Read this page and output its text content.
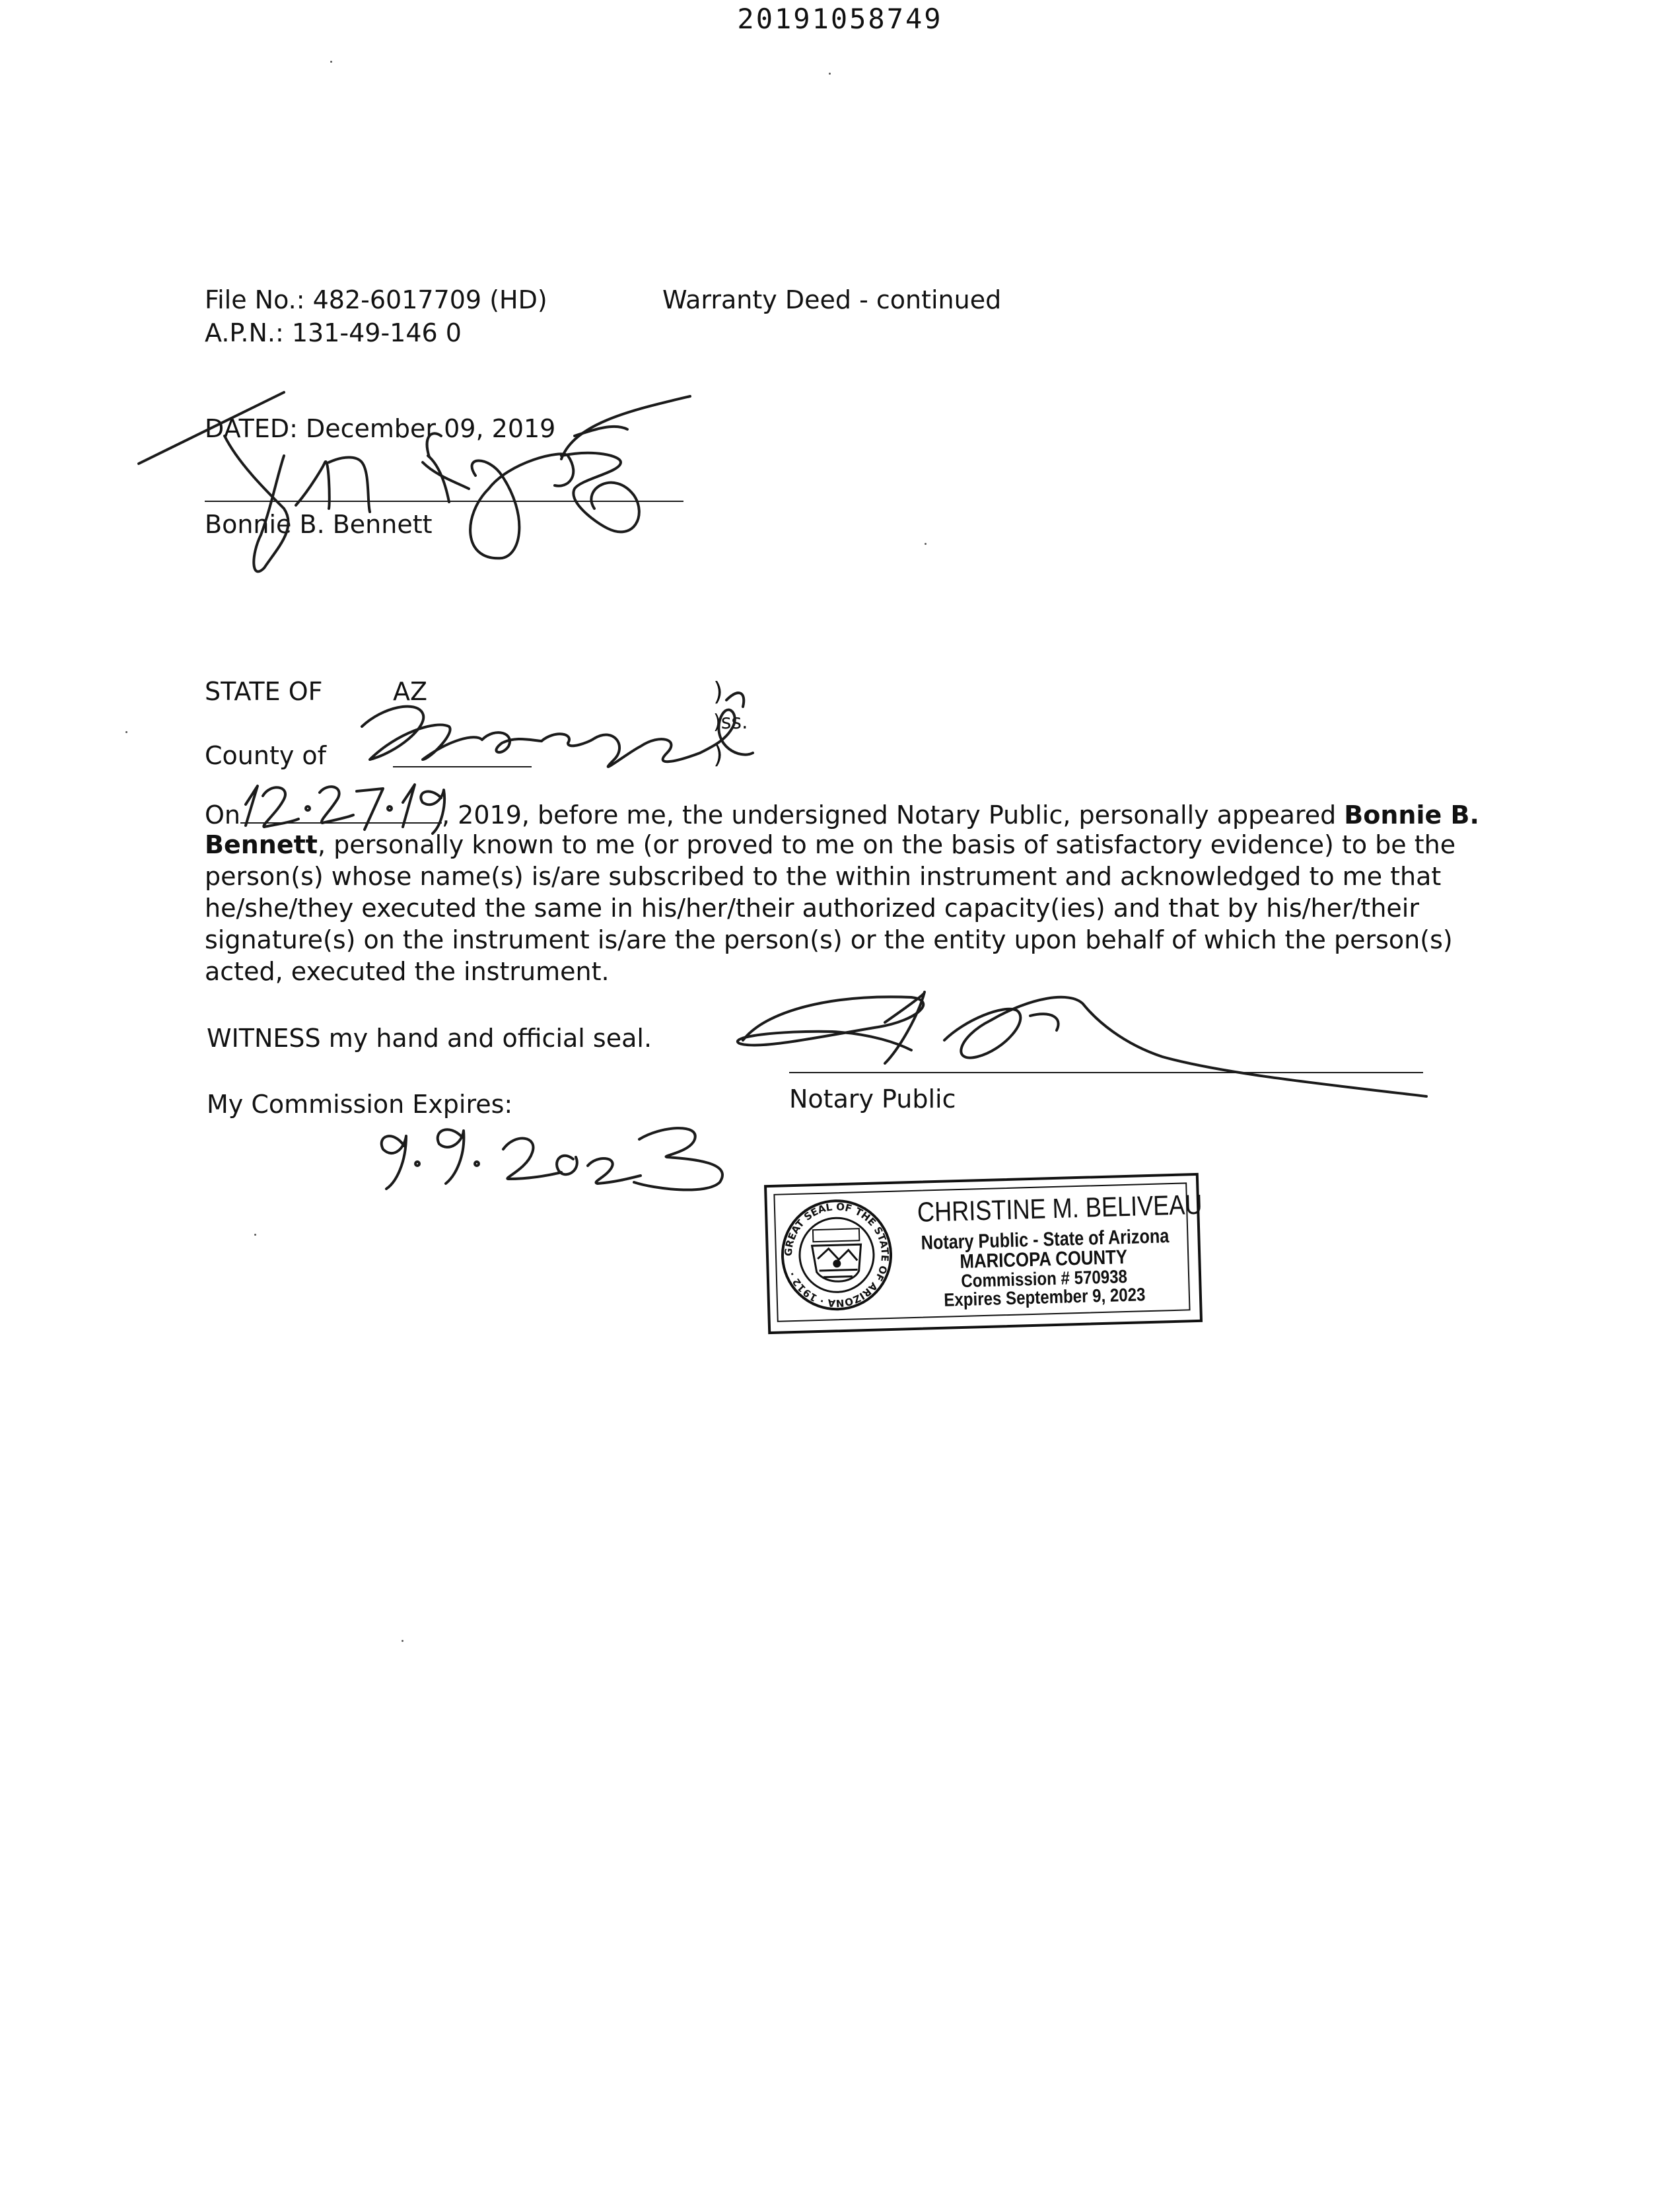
20191058749
File No.: 482-6017709 (HD)
A.P.N.: 131-49-146 0
Warranty Deed - continued
DATED: December 09, 2019
Bonnie B. Bennett
STATE OF	AZ	)
)ss.
)
County of
On	, 2019, before me, the undersigned Notary Public, personally appeared Bonnie B.
Bennett, personally known to me (or proved to me on the basis of satisfactory evidence) to be the
person(s) whose name(s) is/are subscribed to the within instrument and acknowledged to me that
he/she/they executed the same in his/her/their authorized capacity(ies) and that by his/her/their
signature(s) on the instrument is/are the person(s) or the entity upon behalf of which the person(s)
acted, executed the instrument.
WITNESS my hand and official seal.
Notary Public
My Commission Expires:
GREAT SEAL OF THE STATE OF ARIZONA · 1912 ·
CHRISTINE M. BELIVEAU
Notary Public - State of Arizona
MARICOPA COUNTY
Commission # 570938
Expires September 9, 2023
